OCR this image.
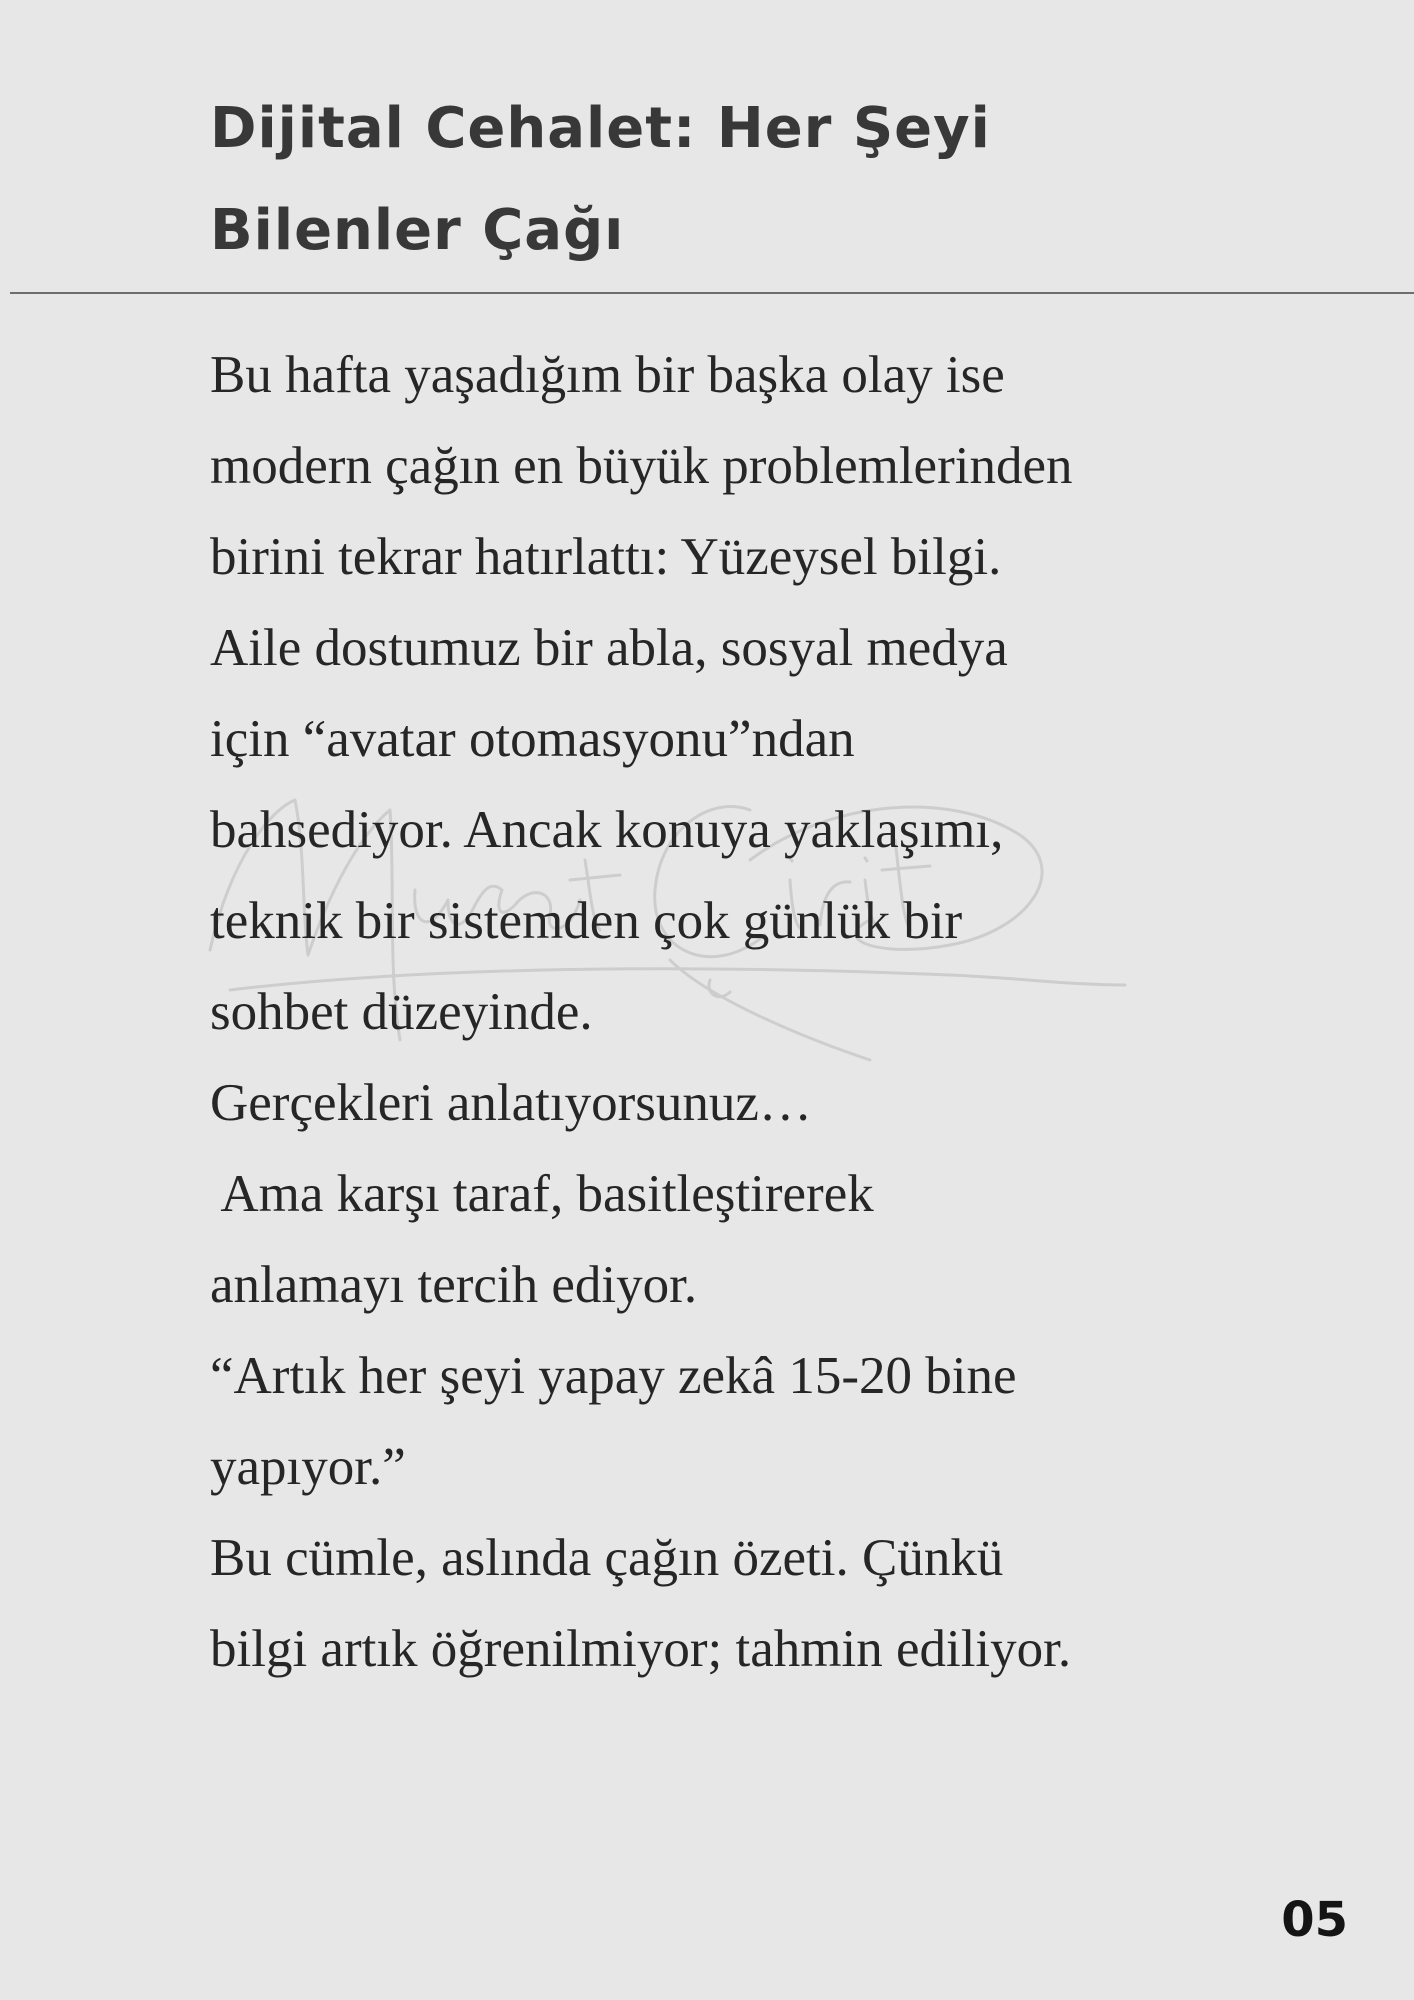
Dijital Cehalet: Her Şeyi
Bilenler Çağı
Bu hafta yaşadığım bir başka olay ise
modern çağın en büyük problemlerinden
birini tekrar hatırlattı: Yüzeysel bilgi.
Aile dostumuz bir abla, sosyal medya
için “avatar otomasyonu”ndan
bahsediyor. Ancak konuya yaklaşımı,
teknik bir sistemden çok günlük bir
sohbet düzeyinde.
Gerçekleri anlatıyorsunuz…
Ama karşı taraf, basitleştirerek
anlamayı tercih ediyor.
“Artık her şeyi yapay zekâ 15-20 bine
yapıyor.”
Bu cümle, aslında çağın özeti. Çünkü
bilgi artık öğrenilmiyor; tahmin ediliyor.
05
